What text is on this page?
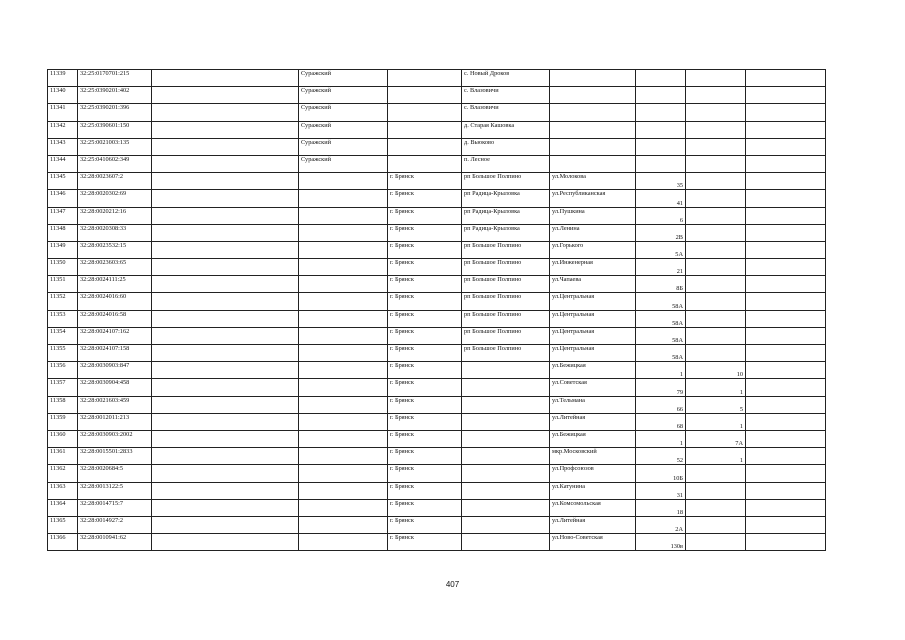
11339	32:25:0170701:215		Суражский		с. Новый Дроков				
11340	32:25:0390201:402		Суражский		с. Влазовичи				
11341	32:25:0390201:396		Суражский		с. Влазовичи				
11342	32:25:0390601:150		Суражский		д. Старая Кашовка				
11343	32:25:0021003:135		Суражский		д. Вьюково				
11344	32:25:0410602:349		Суражский		п. Лесное				
11345	32:28:0023607:2			г. Брянск	рп Большое Полпино	ул.Молокова	35		
11346	32:28:0020302:69			г. Брянск	рп Радица-Крыловка	ул.Республиканская	41		
11347	32:28:0020212:16			г. Брянск	рп Радица-Крыловка	ул.Пушкина	6		
11348	32:28:0020308:33			г. Брянск	рп Радица-Крыловка	ул.Ленина	2В		
11349	32:28:0023532:15			г. Брянск	рп Большое Полпино	ул.Горького	5А		
11350	32:28:0023603:65			г. Брянск	рп Большое Полпино	ул.Инженерная	21		
11351	32:28:0024111:25			г. Брянск	рп Большое Полпино	ул.Чапаева	8Б		
11352	32:28:0024016:60			г. Брянск	рп Большое Полпино	ул.Центральная	58А		
11353	32:28:0024016:58			г. Брянск	рп Большое Полпино	ул.Центральная	58А		
11354	32:28:0024107:162			г. Брянск	рп Большое Полпино	ул.Центральная	58А		
11355	32:28:0024107:158			г. Брянск	рп Большое Полпино	ул.Центральная	58А		
11356	32:28:0030903:847			г. Брянск		ул.Бежицкая	1	10	
11357	32:28:0030904:458			г. Брянск		ул.Советская	79	1	
11358	32:28:0021603:459			г. Брянск		ул.Тельмана	66	5	
11359	32:28:0012011:213			г. Брянск		ул.Литейная	68	1	
11360	32:28:0030903:2002			г. Брянск		ул.Бежицкая	1	7А	
11361	32:28:0015501:2833			г. Брянск		мкр.Московский	52	1	
11362	32:28:0020684:5			г. Брянск		ул.Профсоюзов	10Б		
11363	32:28:0013122:5			г. Брянск		ул.Катунина	31		
11364	32:28:0014715:7			г. Брянск		ул.Комсомольская	18		
11365	32:28:0014927:2			г. Брянск		ул.Литейная	2А		
11366	32:28:0010941:62			г. Брянск		ул.Ново-Советская	130в		
407
